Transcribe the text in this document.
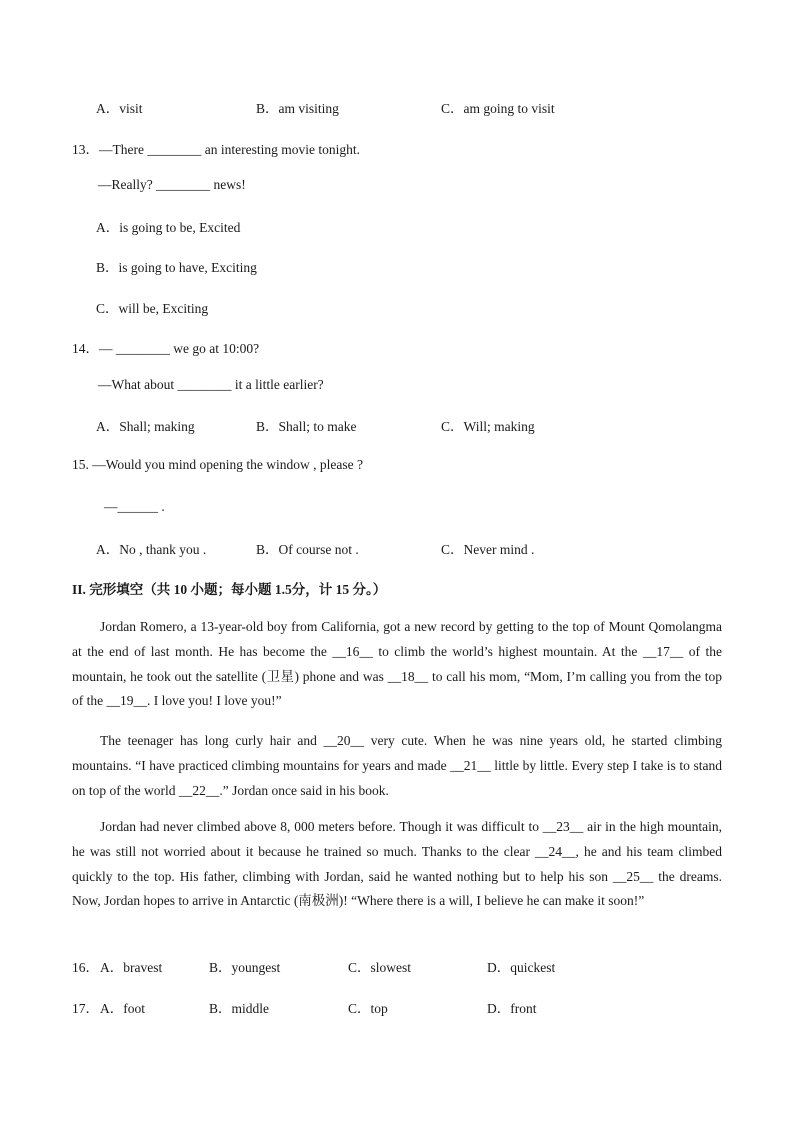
A．visit	B．am visiting	C．am going to visit
13．—There ________ an interesting movie tonight.
—Really? ________ news!
A．is going to be, Excited
B．is going to have, Exciting
C．will be, Exciting
14．— ________ we go at 10:00?
—What about ________ it a little earlier?
A．Shall; making	B．Shall; to make	C．Will; making
15. —Would you mind opening the window , please ?
—______ .
A．No , thank you .	B．Of course not .	C．Never mind .
II. 完形填空（共 10 小题；每小题 1.5分，计 15 分。）
Jordan Romero, a 13-year-old boy from California, got a new record by getting to the top of Mount Qomolangma at the end of last month. He has become the __16__ to climb the world’s highest mountain. At the __17__ of the mountain, he took out the satellite (卫星) phone and was __18__ to call his mom, “Mom, I’m calling you from the top of the __19__. I love you! I love you!”
The teenager has long curly hair and __20__ very cute. When he was nine years old, he started climbing mountains. “I have practiced climbing mountains for years and made __21__ little by little. Every step I take is to stand on top of the world __22__.” Jordan once said in his book.
Jordan had never climbed above 8, 000 meters before. Though it was difficult to __23__ air in the high mountain, he was still not worried about it because he trained so much. Thanks to the clear __24__, he and his team climbed quickly to the top. His father, climbing with Jordan, said he wanted nothing but to help his son __25__ the dreams. Now, Jordan hopes to arrive in Antarctic (南极洲)! “Where there is a will, I believe he can make it soon!”
16． A．bravest	B．youngest	C．slowest	D．quickest
17． A．foot	B．middle	C．top	D．front
